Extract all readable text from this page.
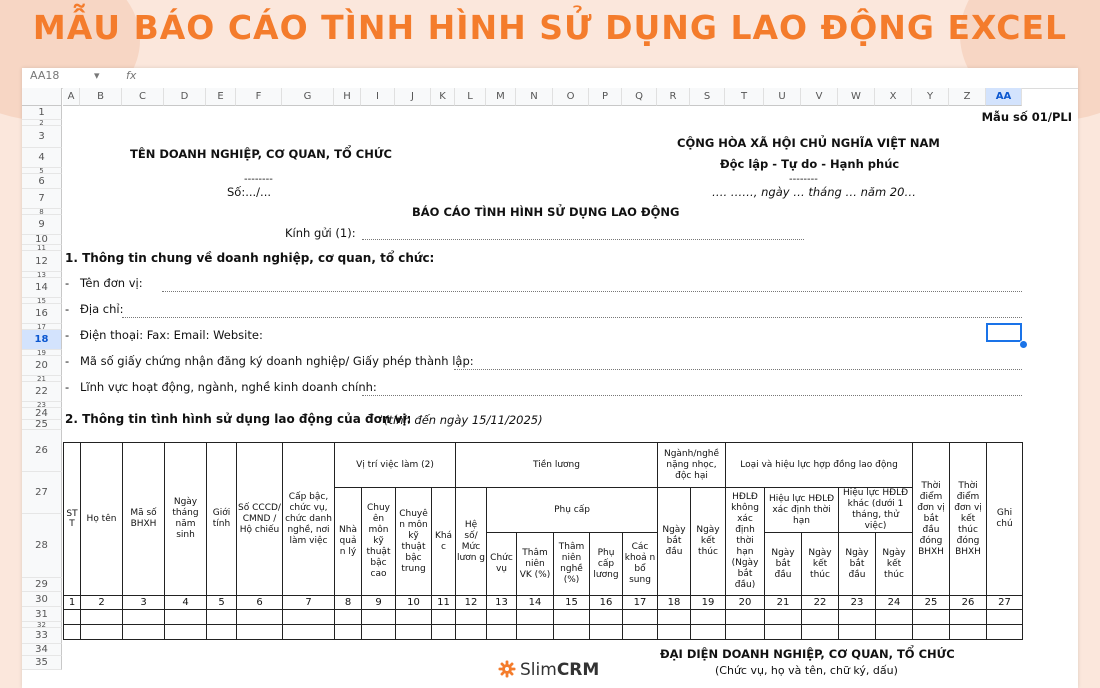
MẪU BÁO CÁO TÌNH HÌNH SỬ DỤNG LAO ĐỘNG EXCEL
AA18	▾ fx
A	B	C	D	E	F	G	H	I	J	K	L	M	N	O	P	Q	R	S	T	U	V	W	X	Y	Z	AA
1
2
3
4
5
6
7
8
9
10
11
12
13
14
15
16
17
18
19
20
21
22
23
24
25
26
27
28
29
30
31
32
33
34
35
Mẫu số 01/PLI
TÊN DOANH NGHIỆP, CƠ QUAN, TỔ CHỨC
--------
Số:.../...
CỘNG HÒA XÃ HỘI CHỦ NGHĨA VIỆT NAM
Độc lập - Tự do - Hạnh phúc
--------
…. ……, ngày … tháng … năm 20…
BÁO CÁO TÌNH HÌNH SỬ DỤNG LAO ĐỘNG
Kính gửi (1):
1. Thông tin chung về doanh nghiệp, cơ quan, tổ chức:
- Tên đơn vị:
- Địa chỉ:
- Điện thoại: Fax: Email: Website:
- Mã số giấy chứng nhận đăng ký doanh nghiệp/ Giấy phép thành lập:
- Lĩnh vực hoạt động, ngành, nghề kinh doanh chính:
2. Thông tin tình hình sử dụng lao động của đơn vị:
(tính đến ngày 15/11/2025)
STT	Họ tên	Mã số BHXH	Ngày tháng năm sinh	Giới tính	Số CCCD/ CMND / Hộ chiếu	Cấp bậc, chức vụ, chức danh nghề, nơi làm việc	Vị trí việc làm (2)				Tiền lương						Ngành/nghề nặng nhọc, độc hại		Loại và hiệu lực hợp đồng lao động					Thời điểm đơn vị bắt đầu đóng BHXH	Thời điểm đơn vị kết thúc đóng BHXH	Ghi chú
							Nhà quả n lý	Chuy ên môn kỹ thuật bậc cao	Chuyê n môn kỹ thuật bậc trung	Khá c	Hệ số/ Mức lươn g	Phụ cấp					Ngày bắt đầu	Ngày kết thúc	HĐLĐ không xác định thời hạn (Ngày bắt đầu)	Hiệu lực HĐLĐ xác định thời hạn		Hiệu lực HĐLĐ khác (dưới 1 tháng, thử việc)				
												Chức vụ	Thâm niên VK (%)	Thâm niên nghề (%)	Phụ cấp lương	Các khoả n bổ sung				Ngày bắt đầu	Ngày kết thúc	Ngày bắt đầu	Ngày kết thúc			
1	2	3	4	5	6	7	8	9	10	11	12	13	14	15	16	17	18	19	20	21	22	23	24	25	26	27

ĐẠI DIỆN DOANH NGHIỆP, CƠ QUAN, TỔ CHỨC
(Chức vụ, họ và tên, chữ ký, dấu)
SlimCRM
